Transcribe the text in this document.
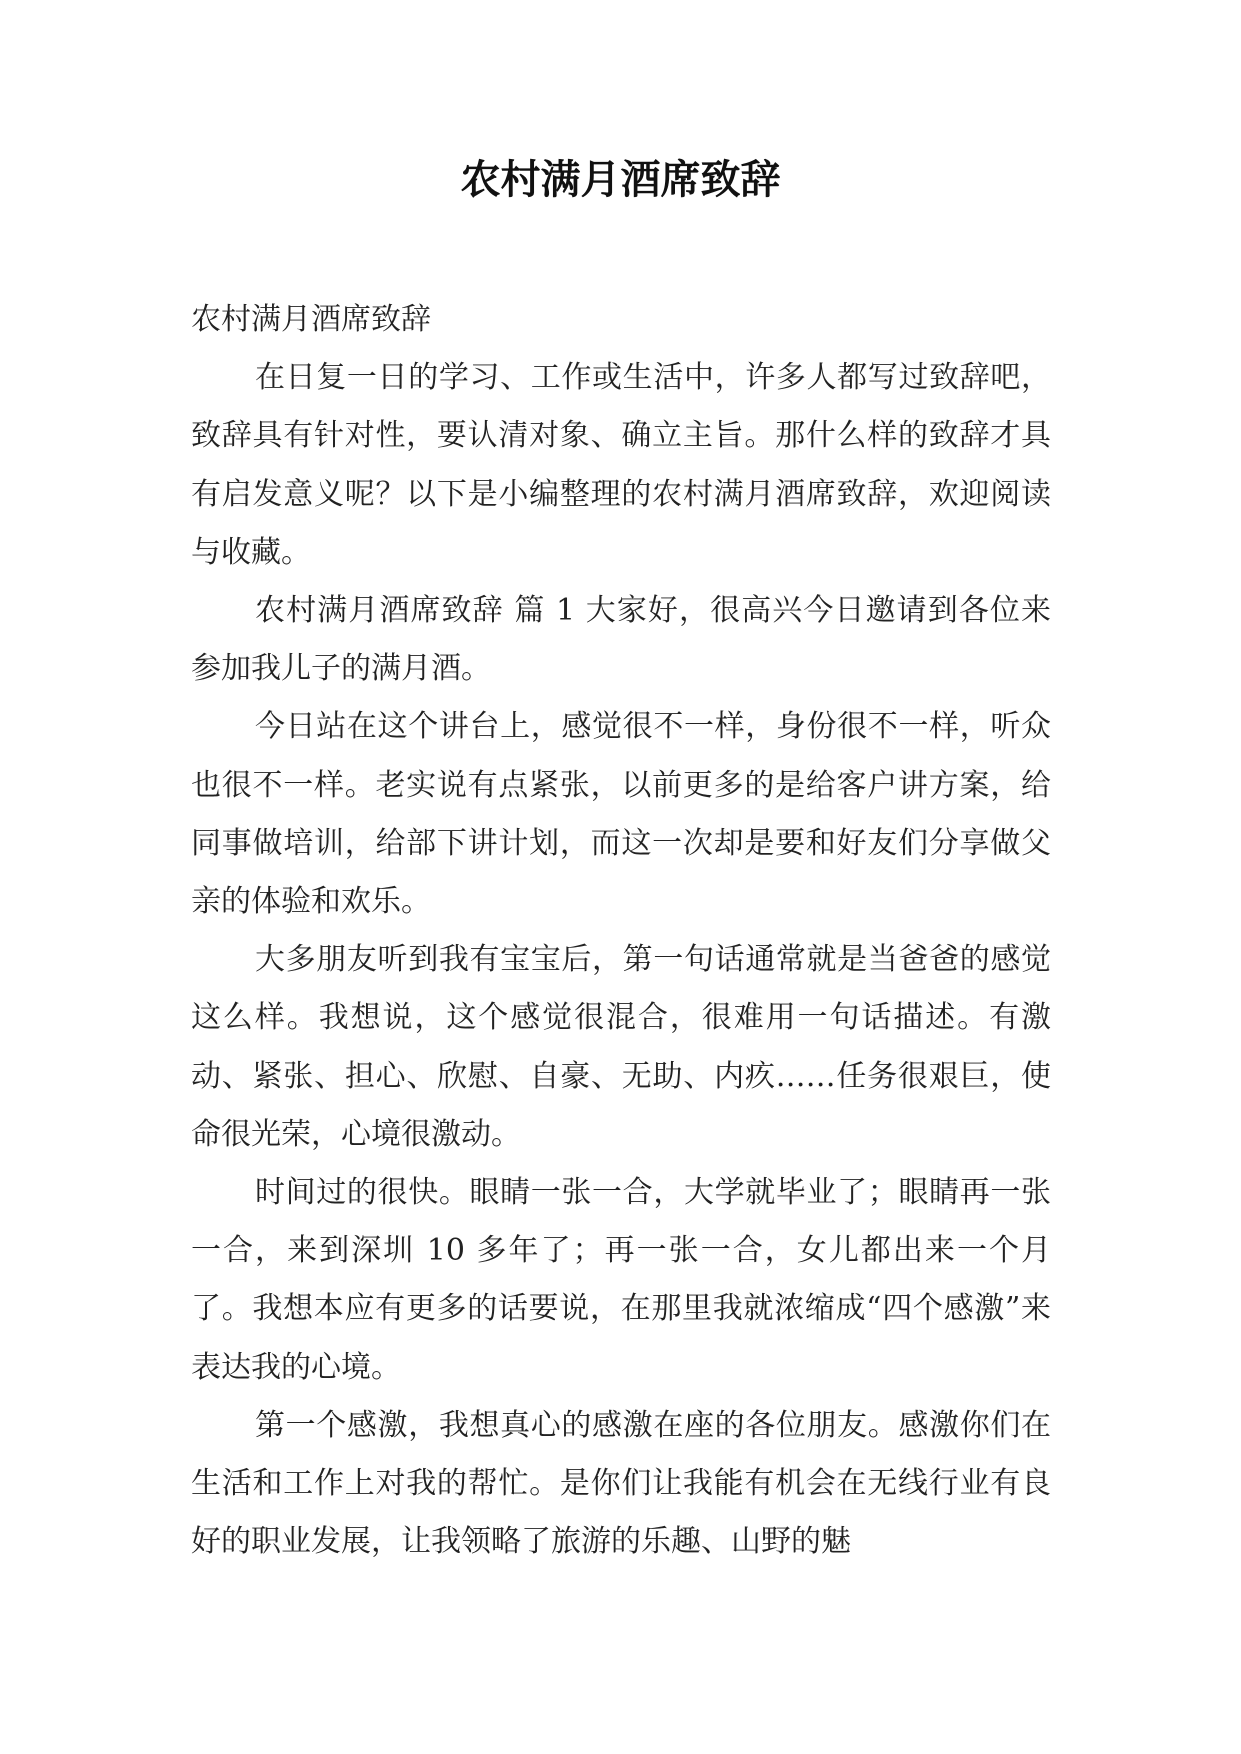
农村满月酒席致辞

农村满月酒席致辞

在日复一日的学习、工作或生活中，许多人都写过致辞吧，致辞具有针对性，要认清对象、确立主旨。那什么样的致辞才具有启发意义呢？以下是小编整理的农村满月酒席致辞，欢迎阅读与收藏。

农村满月酒席致辞 篇 1 大家好，很高兴今日邀请到各位来参加我儿子的满月酒。

今日站在这个讲台上，感觉很不一样，身份很不一样，听众也很不一样。老实说有点紧张，以前更多的是给客户讲方案，给同事做培训，给部下讲计划，而这一次却是要和好友们分享做父亲的体验和欢乐。

大多朋友听到我有宝宝后，第一句话通常就是当爸爸的感觉这么样。我想说，这个感觉很混合，很难用一句话描述。有激动、紧张、担心、欣慰、自豪、无助、内疚……任务很艰巨，使命很光荣，心境很激动。

时间过的很快。眼睛一张一合，大学就毕业了；眼睛再一张一合，来到深圳 10 多年了；再一张一合，女儿都出来一个月了。我想本应有更多的话要说，在那里我就浓缩成“四个感激”来表达我的心境。

第一个感激，我想真心的感激在座的各位朋友。感激你们在生活和工作上对我的帮忙。是你们让我能有机会在无线行业有良好的职业发展，让我领略了旅游的乐趣、山野的魅
